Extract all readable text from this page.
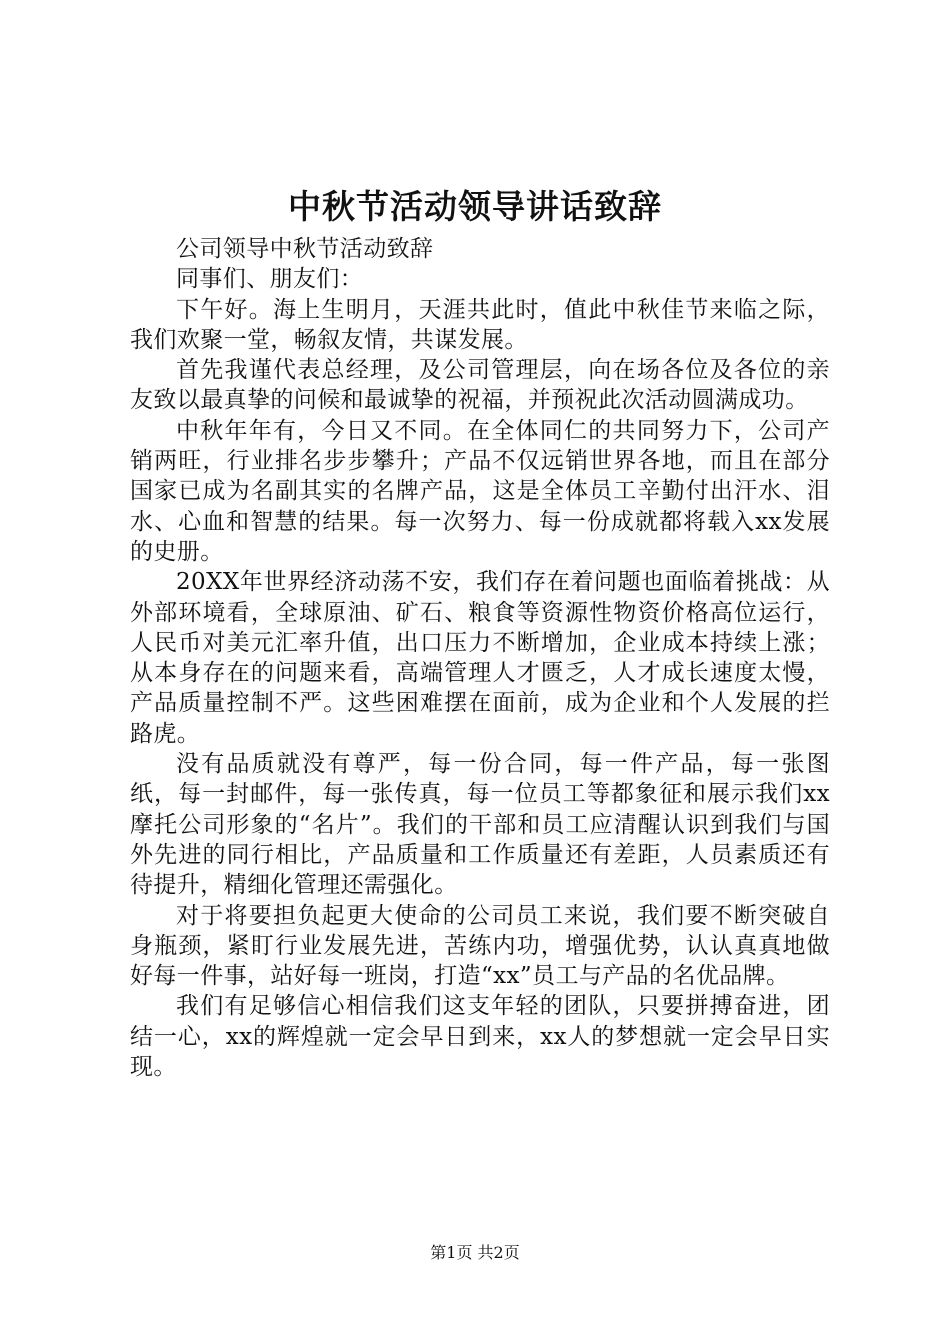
中秋节活动领导讲话致辞

公司领导中秋节活动致辞

同事们、朋友们：

下午好。海上生明月，天涯共此时，值此中秋佳节来临之际，我们欢聚一堂，畅叙友情，共谋发展。

首先我谨代表总经理，及公司管理层，向在场各位及各位的亲友致以最真挚的问候和最诚挚的祝福，并预祝此次活动圆满成功。

中秋年年有，今日又不同。在全体同仁的共同努力下，公司产销两旺，行业排名步步攀升；产品不仅远销世界各地，而且在部分国家已成为名副其实的名牌产品，这是全体员工辛勤付出汗水、泪水、心血和智慧的结果。每一次努力、每一份成就都将载入xx发展的史册。

20XX年世界经济动荡不安，我们存在着问题也面临着挑战：从外部环境看，全球原油、矿石、粮食等资源性物资价格高位运行，人民币对美元汇率升值，出口压力不断增加，企业成本持续上涨；从本身存在的问题来看，高端管理人才匮乏，人才成长速度太慢，产品质量控制不严。这些困难摆在面前，成为企业和个人发展的拦路虎。

没有品质就没有尊严，每一份合同，每一件产品，每一张图纸，每一封邮件，每一张传真，每一位员工等都象征和展示我们xx摩托公司形象的“名片”。我们的干部和员工应清醒认识到我们与国外先进的同行相比，产品质量和工作质量还有差距，人员素质还有待提升，精细化管理还需强化。

对于将要担负起更大使命的公司员工来说，我们要不断突破自身瓶颈，紧盯行业发展先进，苦练内功，增强优势，认认真真地做好每一件事，站好每一班岗，打造“xx”员工与产品的名优品牌。

我们有足够信心相信我们这支年轻的团队，只要拼搏奋进，团结一心，xx的辉煌就一定会早日到来，xx人的梦想就一定会早日实现。

第1页 共2页
